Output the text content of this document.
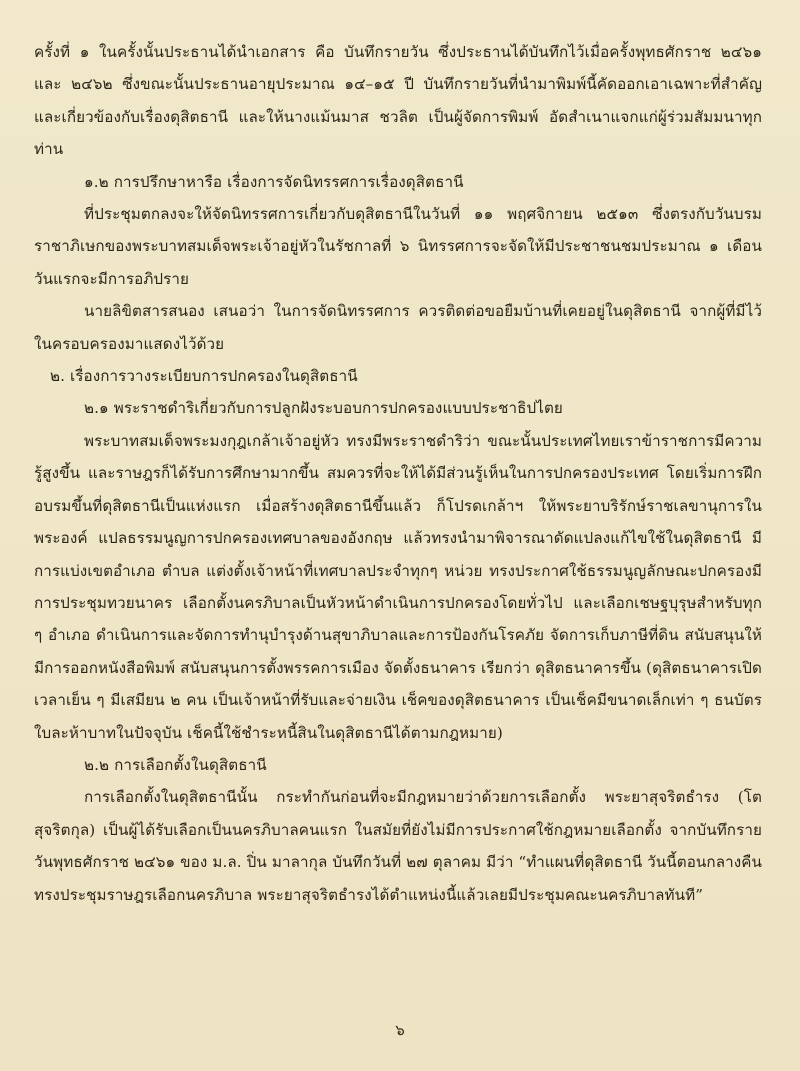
ครั้งที่ ๑ ในครั้งนั้นประธานได้นำเอกสาร คือ บันทึกรายวัน ซึ่งประธานได้บันทึกไว้เมื่อครั้งพุทธศักราช ๒๔๖๑ และ ๒๔๖๒ ซึ่งขณะนั้นประธานอายุประมาณ ๑๔–๑๕ ปี บันทึกรายวันที่นำมาพิมพ์นี้คัดออกเอาเฉพาะที่สำคัญและเกี่ยวข้องกับเรื่องดุสิตธานี และให้นางแม้นมาส ชวลิต เป็นผู้จัดการพิมพ์ อัดสำเนาแจกแก่ผู้ร่วมสัมมนาทุกท่าน

๑.๒ การปรึกษาหารือ เรื่องการจัดนิทรรศการเรื่องดุสิตธานี

ที่ประชุมตกลงจะให้จัดนิทรรศการเกี่ยวกับดุสิตธานีในวันที่ ๑๑ พฤศจิกายน ๒๕๑๓ ซึ่งตรงกับวันบรมราชาภิเษกของพระบาทสมเด็จพระเจ้าอยู่หัวในรัชกาลที่ ๖ นิทรรศการจะจัดให้มีประชาชนชมประมาณ ๑ เดือน วันแรกจะมีการอภิปราย

นายลิขิตสารสนอง เสนอว่า ในการจัดนิทรรศการ ควรติดต่อขอยืมบ้านที่เคยอยู่ในดุสิตธานี จากผู้ที่มีไว้ในครอบครองมาแสดงไว้ด้วย

๒. เรื่องการวางระเบียบการปกครองในดุสิตธานี

๒.๑ พระราชดำริเกี่ยวกับการปลูกฝังระบอบการปกครองแบบประชาธิปไตย

พระบาทสมเด็จพระมงกุฎเกล้าเจ้าอยู่หัว ทรงมีพระราชดำริว่า ขณะนั้นประเทศไทยเราข้าราชการมีความรู้สูงขึ้น และราษฎรก็ได้รับการศึกษามากขึ้น สมควรที่จะให้ได้มีส่วนรู้เห็นในการปกครองประเทศ โดยเริ่มการฝึกอบรมขึ้นที่ดุสิตธานีเป็นแห่งแรก เมื่อสร้างดุสิตธานีขึ้นแล้ว ก็โปรดเกล้าฯ ให้พระยาบริรักษ์ราชเลขานุการในพระองค์ แปลธรรมนูญการปกครองเทศบาลของอังกฤษ แล้วทรงนำมาพิจารณาดัดแปลงแก้ไขใช้ในดุสิตธานี มีการแบ่งเขตอำเภอ ตำบล แต่งตั้งเจ้าหน้าที่เทศบาลประจำทุกๆ หน่วย ทรงประกาศใช้ธรรมนูญลักษณะปกครองมีการประชุมทวยนาคร เลือกตั้งนครภิบาลเป็นหัวหน้าดำเนินการปกครองโดยทั่วไป และเลือกเชษฐบุรุษสำหรับทุก ๆ อำเภอ ดำเนินการและจัดการทำนุบำรุงด้านสุขาภิบาลและการป้องกันโรคภัย จัดการเก็บภาษีที่ดิน สนับสนุนให้มีการออกหนังสือพิมพ์ สนับสนุนการตั้งพรรคการเมือง จัดตั้งธนาคาร เรียกว่า ดุสิตธนาคารขึ้น (ดุสิตธนาคารเปิดเวลาเย็น ๆ มีเสมียน ๒ คน เป็นเจ้าหน้าที่รับและจ่ายเงิน เช็คของดุสิตธนาคาร เป็นเช็คมีขนาดเล็กเท่า ๆ ธนบัตรใบละห้าบาทในปัจจุบัน เช็คนี้ใช้ชำระหนี้สินในดุสิตธานีได้ตามกฎหมาย)

๒.๒ การเลือกตั้งในดุสิตธานี

การเลือกตั้งในดุสิตธานีนั้น กระทำกันก่อนที่จะมีกฎหมายว่าด้วยการเลือกตั้ง พระยาสุจริตธำรง (โต สุจริตกุล) เป็นผู้ได้รับเลือกเป็นนครภิบาลคนแรก ในสมัยที่ยังไม่มีการประกาศใช้กฎหมายเลือกตั้ง จากบันทึกรายวันพุทธศักราช ๒๔๖๑ ของ ม.ล. ปิ่น มาลากุล บันทึกวันที่ ๒๗ ตุลาคม มีว่า “ทำแผนที่ดุสิตธานี วันนี้ตอนกลางคืนทรงประชุมราษฎรเลือกนครภิบาล พระยาสุจริตธำรงได้ตำแหน่งนี้แล้วเลยมีประชุมคณะนครภิบาลทันที”

๖
